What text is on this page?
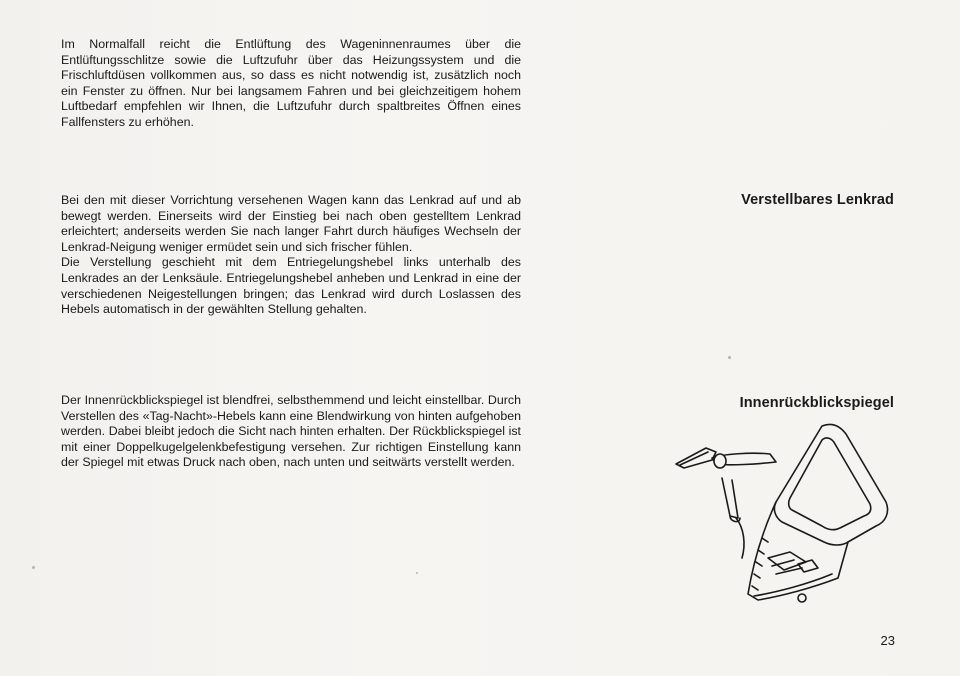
Im Normalfall reicht die Entlüftung des Wageninnenraumes über die Entlüftungsschlitze sowie die Luftzufuhr über das Heizungssystem und die Frischluftdüsen vollkommen aus, so dass es nicht notwendig ist, zusätzlich noch ein Fenster zu öffnen. Nur bei langsamem Fahren und bei gleichzeitigem hohem Luftbedarf empfehlen wir Ihnen, die Luftzufuhr durch spaltbreites Öffnen eines Fallfensters zu erhöhen.

Verstellbares Lenkrad

Bei den mit dieser Vorrichtung versehenen Wagen kann das Lenkrad auf und ab bewegt werden. Einerseits wird der Einstieg bei nach oben gestelltem Lenkrad erleichtert; anderseits werden Sie nach langer Fahrt durch häufiges Wechseln der Lenkrad-Neigung weniger ermüdet sein und sich frischer fühlen.

Die Verstellung geschieht mit dem Entriegelungshebel links unterhalb des Lenkrades an der Lenksäule. Entriegelungshebel anheben und Lenkrad in eine der verschiedenen Neigestellungen bringen; das Lenkrad wird durch Loslassen des Hebels automatisch in der gewählten Stellung gehalten.

Innenrückblickspiegel

Der Innenrückblickspiegel ist blendfrei, selbsthemmend und leicht einstellbar. Durch Verstellen des «Tag-Nacht»-Hebels kann eine Blendwirkung von hinten aufgehoben werden. Dabei bleibt jedoch die Sicht nach hinten erhalten. Der Rückblickspiegel ist mit einer Doppelkugelgelenkbefestigung versehen. Zur richtigen Einstellung kann der Spiegel mit etwas Druck nach oben, nach unten und seitwärts verstellt werden.

23
